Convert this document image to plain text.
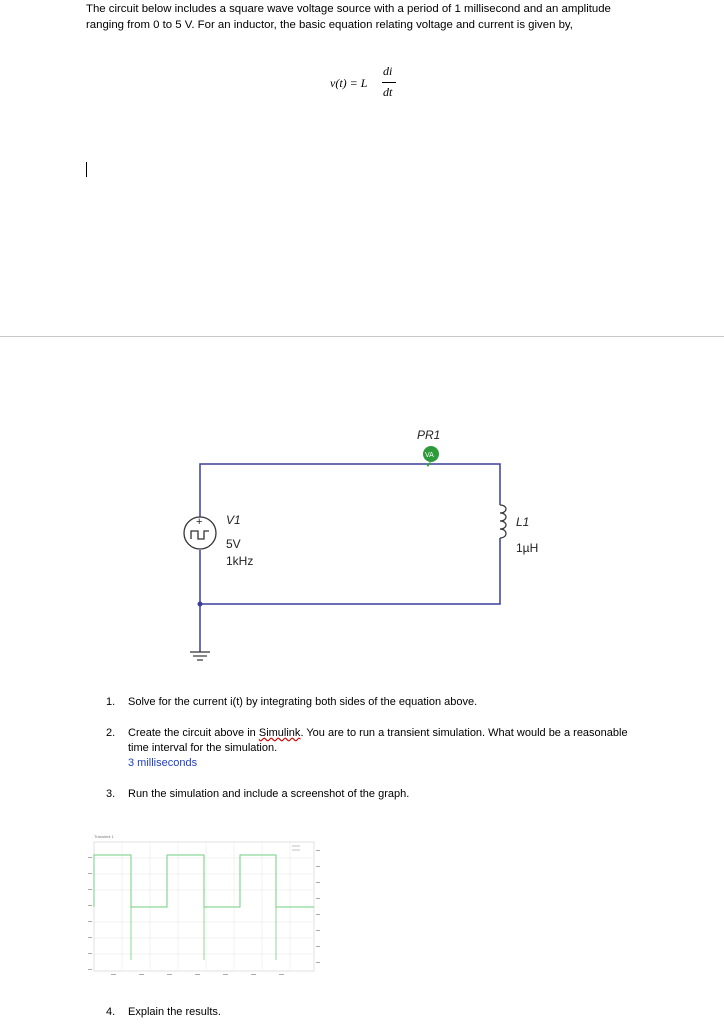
The circuit below includes a square wave voltage source with a period of 1 millisecond and an amplitude

ranging from 0 to 5 V. For an inductor, the basic equation relating voltage and current is given by,

v(t) = L
di
dt
+ V1
5V
1kHz
L1
1µH
PR1
VA
1. Solve for the current i(t) by integrating both sides of the equation above.
2. Create the circuit above in Simulink. You are to run a transient simulation. What would be a reasonable time interval for the simulation.
3 milliseconds
3. Run the simulation and include a screenshot of the graph.
Transient 1
4. Explain the results.
